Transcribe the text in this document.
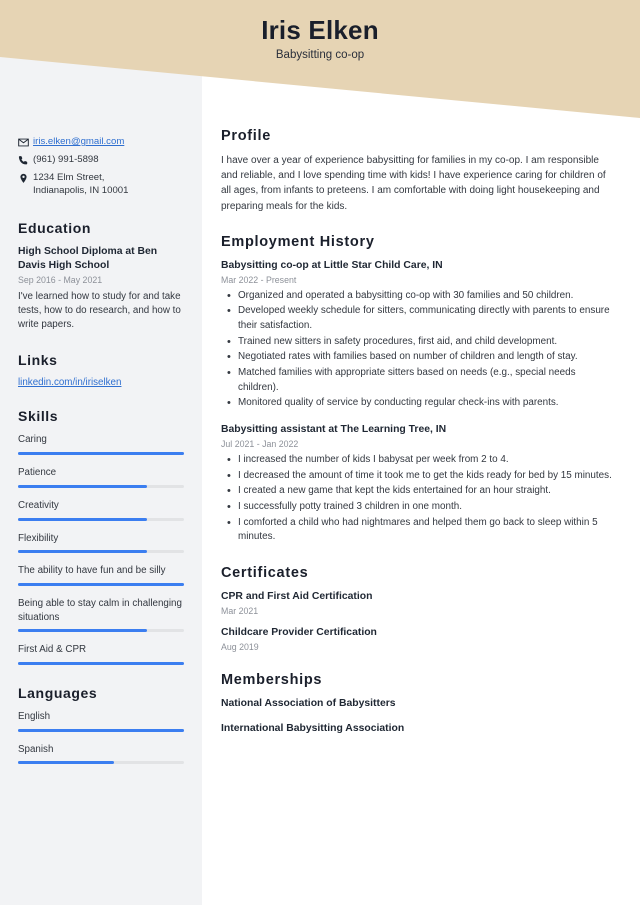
Iris Elken
Babysitting co-op
iris.elken@gmail.com
(961) 991-5898
1234 Elm Street,
Indianapolis, IN 10001
Education
High School Diploma at Ben Davis High School
Sep 2016 - May 2021
I've learned how to study for and take tests, how to do research, and how to write papers.
Links
linkedin.com/in/iriselken
Skills
Caring
Patience
Creativity
Flexibility
The ability to have fun and be silly
Being able to stay calm in challenging situations
First Aid & CPR
Languages
English
Spanish
Profile
I have over a year of experience babysitting for families in my co-op. I am responsible and reliable, and I love spending time with kids! I have experience caring for children of all ages, from infants to preteens. I am comfortable with doing light housekeeping and preparing meals for the kids.
Employment History
Babysitting co-op at Little Star Child Care, IN
Mar 2022 - Present
• Organized and operated a babysitting co-op with 30 families and 50 children.
• Developed weekly schedule for sitters, communicating directly with parents to ensure their satisfaction.
• Trained new sitters in safety procedures, first aid, and child development.
• Negotiated rates with families based on number of children and length of stay.
• Matched families with appropriate sitters based on needs (e.g., special needs children).
• Monitored quality of service by conducting regular check-ins with parents.
Babysitting assistant at The Learning Tree, IN
Jul 2021 - Jan 2022
• I increased the number of kids I babysat per week from 2 to 4.
• I decreased the amount of time it took me to get the kids ready for bed by 15 minutes.
• I created a new game that kept the kids entertained for an hour straight.
• I successfully potty trained 3 children in one month.
• I comforted a child who had nightmares and helped them go back to sleep within 5 minutes.
Certificates
CPR and First Aid Certification
Mar 2021
Childcare Provider Certification
Aug 2019
Memberships
National Association of Babysitters
International Babysitting Association
